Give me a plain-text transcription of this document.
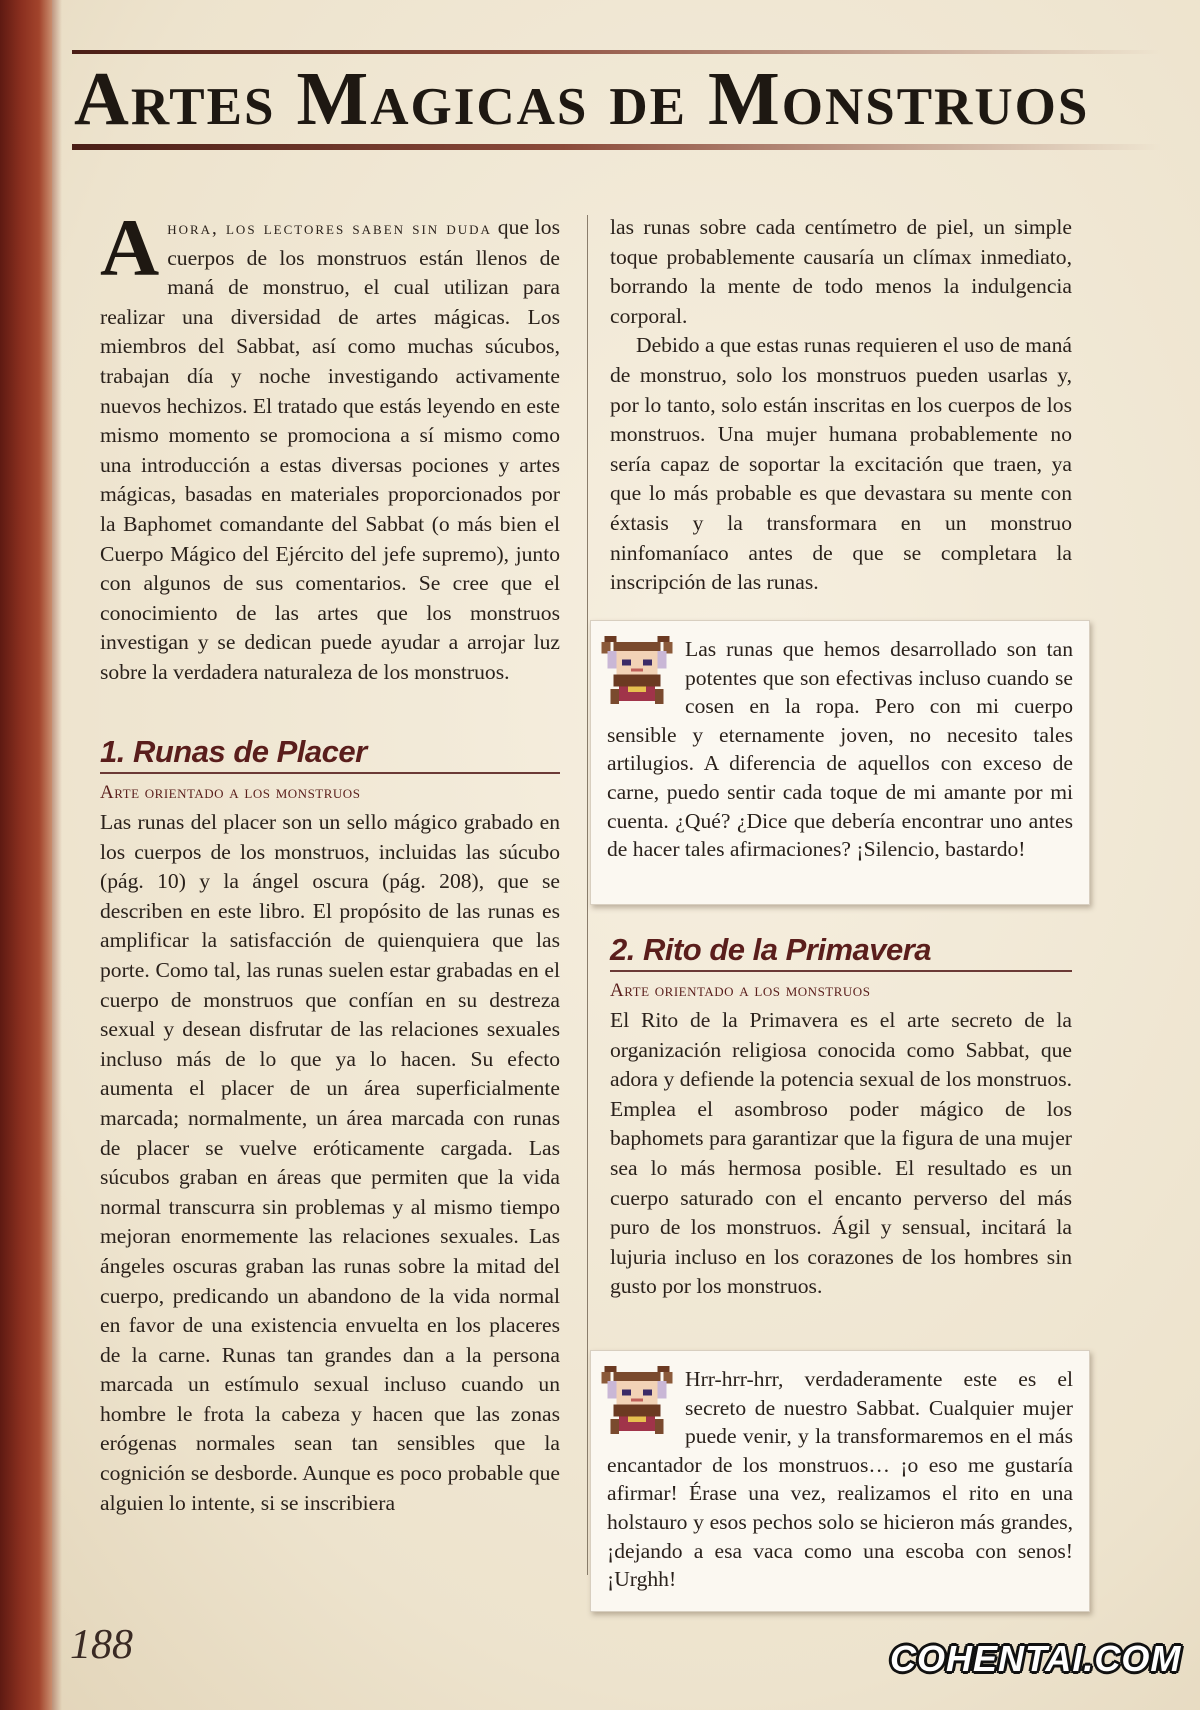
Artes Magicas de Monstruos

A hora, los lectores saben sin duda que los cuerpos de los monstruos están llenos de maná de monstruo, el cual utilizan para realizar una diversidad de artes mágicas. Los miembros del Sabbat, así como muchas súcubos, trabajan día y noche investigando activamente nuevos hechizos. El tratado que estás leyendo en este mismo momento se promociona a sí mismo como una introducción a estas diversas pociones y artes mágicas, basadas en materiales proporcionados por la Baphomet comandante del Sabbat (o más bien el Cuerpo Mágico del Ejército del jefe supremo), junto con algunos de sus comentarios. Se cree que el conocimiento de las artes que los monstruos investigan y se dedican puede ayudar a arrojar luz sobre la verdadera naturaleza de los monstruos.

1. Runas de Placer
Arte orientado a los monstruos

Las runas del placer son un sello mágico grabado en los cuerpos de los monstruos, incluidas las súcubo (pág. 10) y la ángel oscura (pág. 208), que se describen en este libro. El propósito de las runas es amplificar la satisfacción de quienquiera que las porte. Como tal, las runas suelen estar grabadas en el cuerpo de monstruos que confían en su destreza sexual y desean disfrutar de las relaciones sexuales incluso más de lo que ya lo hacen. Su efecto aumenta el placer de un área superficialmente marcada; normalmente, un área marcada con runas de placer se vuelve eróticamente cargada. Las súcubos graban en áreas que permiten que la vida normal transcurra sin problemas y al mismo tiempo mejoran enormemente las relaciones sexuales. Las ángeles oscuras graban las runas sobre la mitad del cuerpo, predicando un abandono de la vida normal en favor de una existencia envuelta en los placeres de la carne. Runas tan grandes dan a la persona marcada un estímulo sexual incluso cuando un hombre le frota la cabeza y hacen que las zonas erógenas normales sean tan sensibles que la cognición se desborde. Aunque es poco probable que alguien lo intente, si se inscribiera

las runas sobre cada centímetro de piel, un simple toque probablemente causaría un clímax inmediato, borrando la mente de todo menos la indulgencia corporal.

Debido a que estas runas requieren el uso de maná de monstruo, solo los monstruos pueden usarlas y, por lo tanto, solo están inscritas en los cuerpos de los monstruos. Una mujer humana probablemente no sería capaz de soportar la excitación que traen, ya que lo más probable es que devastara su mente con éxtasis y la transformara en un monstruo ninfomaníaco antes de que se completara la inscripción de las runas.

Las runas que hemos desarrollado son tan potentes que son efectivas incluso cuando se cosen en la ropa. Pero con mi cuerpo sensible y eternamente joven, no necesito tales artilugios. A diferencia de aquellos con exceso de carne, puedo sentir cada toque de mi amante por mi cuenta. ¿Qué? ¿Dice que debería encontrar uno antes de hacer tales afirmaciones? ¡Silencio, bastardo!
2. Rito de la Primavera
Arte orientado a los monstruos

El Rito de la Primavera es el arte secreto de la organización religiosa conocida como Sabbat, que adora y defiende la potencia sexual de los monstruos. Emplea el asombroso poder mágico de los baphomets para garantizar que la figura de una mujer sea lo más hermosa posible. El resultado es un cuerpo saturado con el encanto perverso del más puro de los monstruos. Ágil y sensual, incitará la lujuria incluso en los corazones de los hombres sin gusto por los monstruos.

Hrr-hrr-hrr, verdaderamente este es el secreto de nuestro Sabbat. Cualquier mujer puede venir, y la transformaremos en el más encantador de los monstruos… ¡o eso me gustaría afirmar! Érase una vez, realizamos el rito en una holstauro y esos pechos solo se hicieron más grandes, ¡dejando a esa vaca como una escoba con senos! ¡Urghh!
188	COHENTAI.COM
